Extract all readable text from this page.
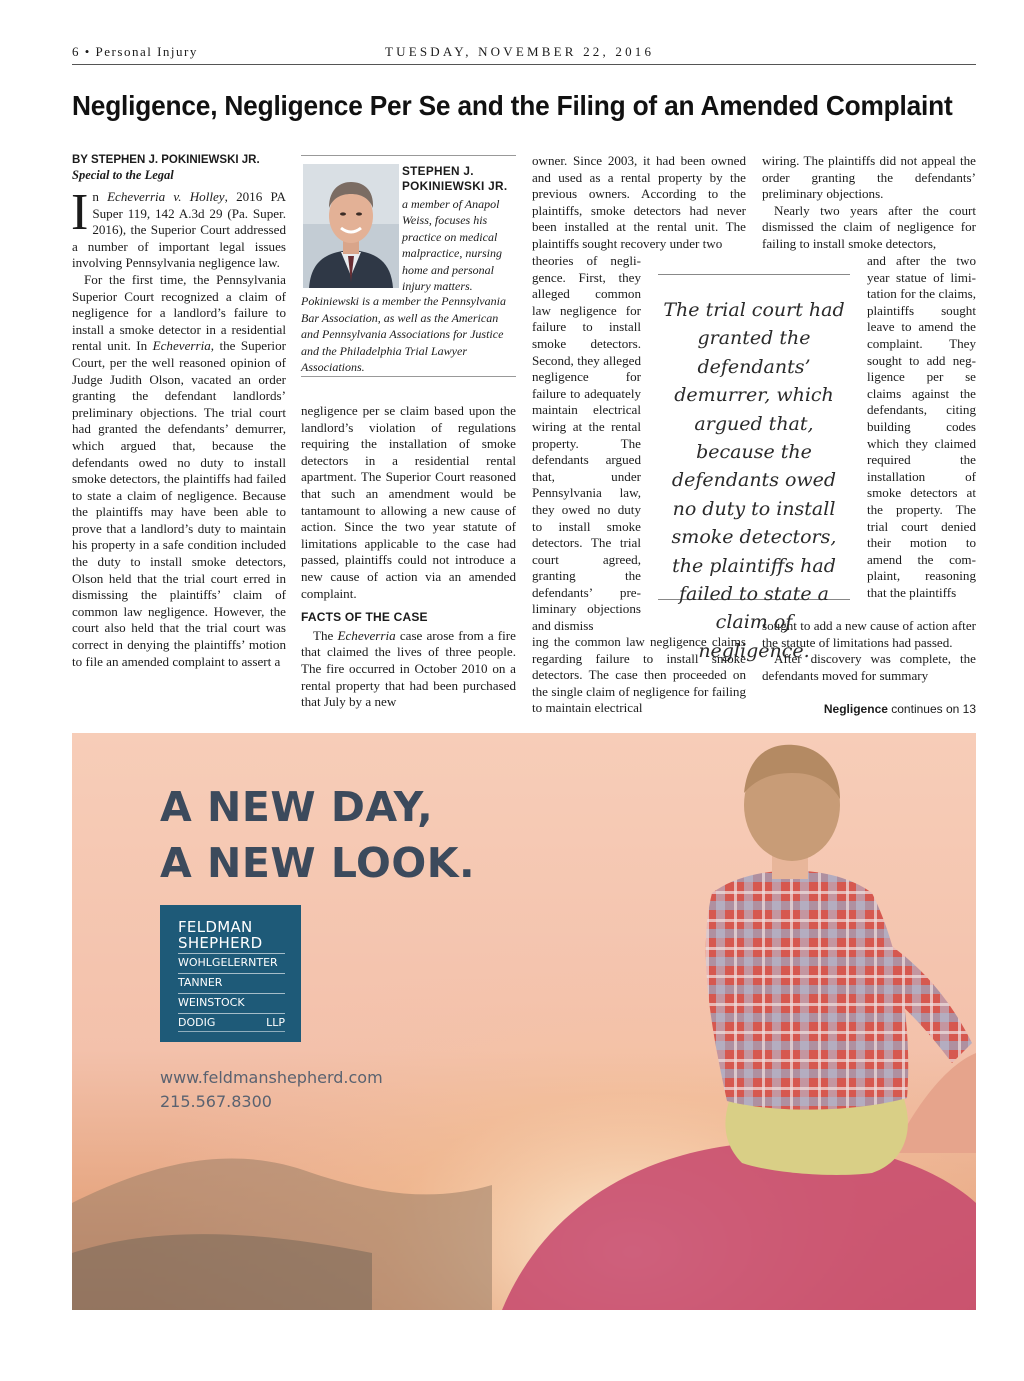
6 • Personal Injury	TUESDAY, NOVEMBER 22, 2016
Negligence, Negligence Per Se and the Filing of an Amended Complaint
BY STEPHEN J. POKINIEWSKI JR.
Special to the Legal

In Echeverria v. Holley, 2016 PA Super 119, 142 A.3d 29 (Pa. Super. 2016), the Superior Court addressed a number of important legal issues involving Pennsylvania negligence law.

For the first time, the Pennsylvania Superior Court recognized a claim of negligence for a landlord’s failure to install a smoke detector in a residential rental unit. In Echeverria, the Superior Court, per the well reasoned opinion of Judge Judith Olson, vacated an order granting the defendant landlords’ preliminary objections. The trial court had granted the defendants’ demurrer, which argued that, because the defendants owed no duty to install smoke detectors, the plaintiffs had failed to state a claim of negligence. Because the plaintiffs may have been able to prove that a landlord’s duty to maintain his property in a safe condition included the duty to install smoke detectors, Olson held that the trial court erred in dismissing the plaintiffs’ claim of common law negligence. However, the court also held that the trial court was correct in denying the plaintiffs’ motion to file an amended complaint to assert a

STEPHEN J. POKINIEWSKI JR.
a member of Anapol Weiss, focuses his practice on medical malpractice, nursing home and personal injury matters.
Pokiniewski is a member the Pennsylvania Bar Association, as well as the American and Pennsylvania Associations for Justice and the Philadelphia Trial Lawyer Associations.

negligence per se claim based upon the landlord’s violation of regulations requiring the installation of smoke detectors in a residential rental apartment. The Superior Court reasoned that such an amendment would be tantamount to allowing a new cause of action. Since the two year statute of limitations applicable to the case had passed, plaintiffs could not introduce a new cause of action via an amended complaint.

FACTS OF THE CASE

The Echeverria case arose from a fire that claimed the lives of three people. The fire occurred in October 2010 on a rental property that had been purchased that July by a new

owner. Since 2003, it had been owned and used as a rental property by the previous owners. According to the plaintiffs, smoke detectors had never been installed at the rental unit. The plaintiffs sought recovery under two

theories of negligence. First, they alleged common law negligence for failure to install smoke detectors. Second, they alleged negligence for failure to adequately maintain electrical wiring at the rental property. The defendants argued that, under Pennsylvania law, they owed no duty to install smoke detectors. The trial court agreed, granting the defendants’ preliminary objections and dismiss

ing the common law negligence claims regarding failure to install smoke detectors. The case then proceeded on the single claim of negligence for failing to maintain electrical

wiring. The plaintiffs did not appeal the order granting the defendants’ preliminary objections.

Nearly two years after the court dismissed the claim of negligence for failing to install smoke detectors,

and after the two year statue of limitation for the claims, plaintiffs sought leave to amend the complaint. They sought to add negligence per se claims against the defendants, citing building codes which they claimed required the installation of smoke detectors at the property. The trial court denied their motion to amend the complaint, reasoning that the plaintiffs

sought to add a new cause of action after the statute of limitations had passed.

After discovery was complete, the defendants moved for summary

The trial court had granted the defendants’ demurrer, which argued that, because the defendants owed no duty to install smoke detectors, the plaintiffs had failed to state a claim of negligence.
Negligence continues on 13
A NEW DAY,
A NEW LOOK.
FELDMAN
SHEPHERD
WOHLGELERNTER
TANNER
WEINSTOCK
DODIG	LLP
www.feldmanshepherd.com
215.567.8300
